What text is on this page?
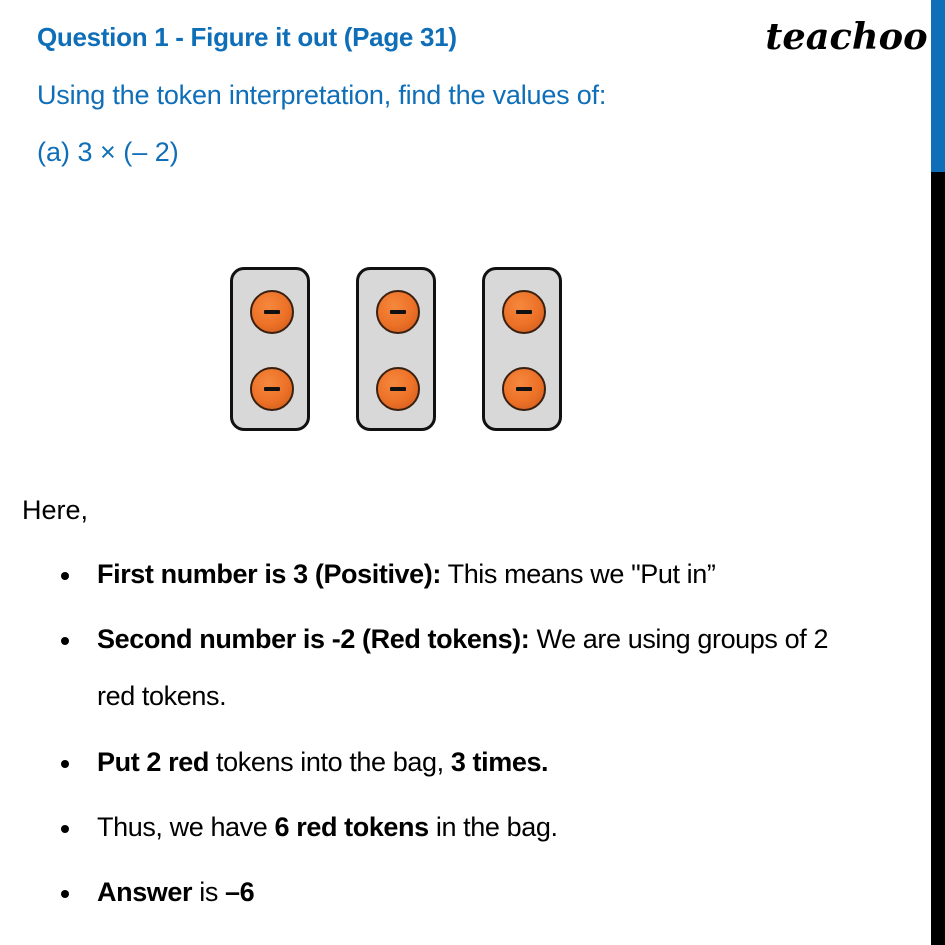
Question 1 - Figure it out (Page 31)
Using the token interpretation, find the values of:
(a) 3 × (– 2)
teachoo
Here,
First number is 3 (Positive): This means we "Put in”
Second number is -2 (Red tokens): We are using groups of 2
red tokens.
Put 2 red tokens into the bag, 3 times.
Thus, we have 6 red tokens in the bag.
Answer is –6
